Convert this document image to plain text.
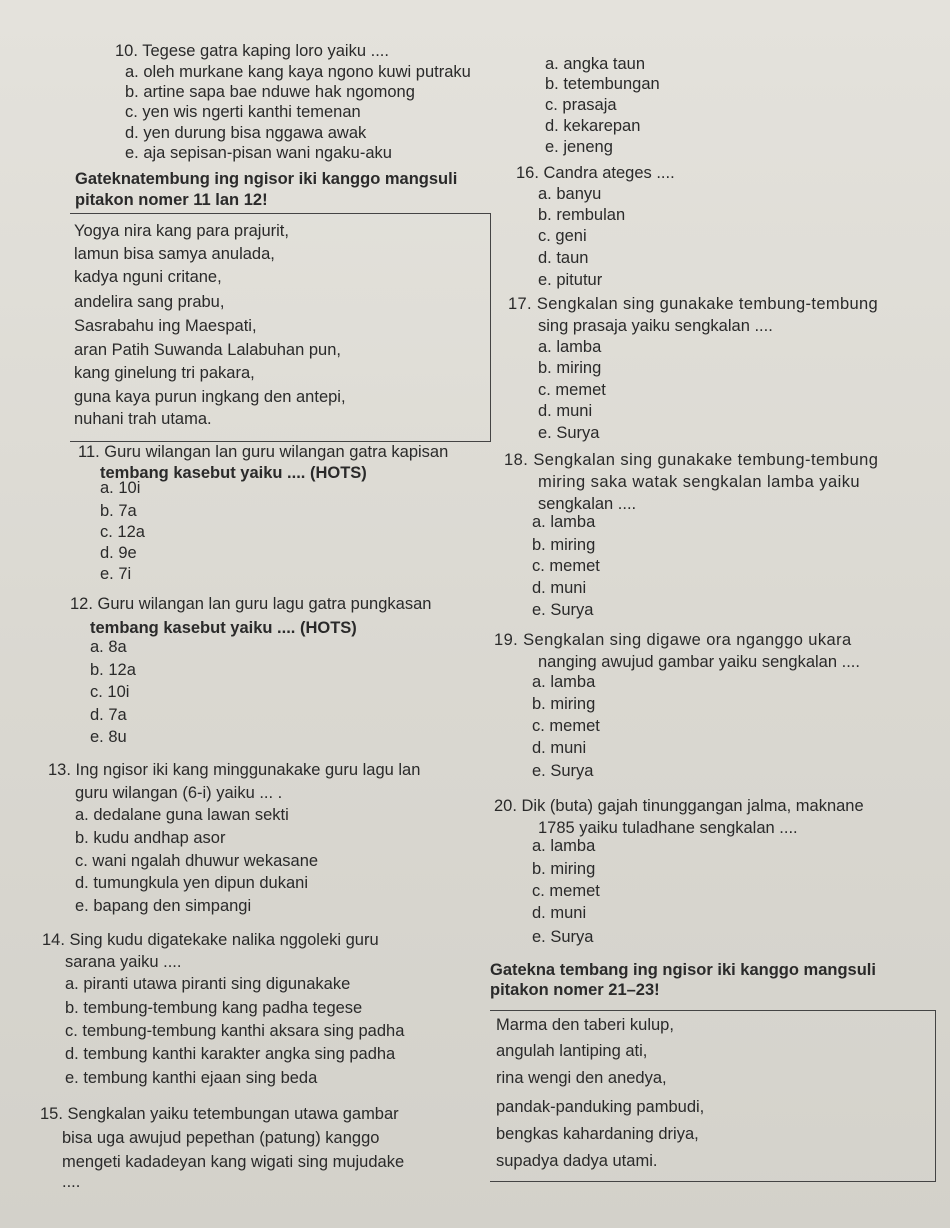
10. Tegese gatra kaping loro yaiku ....
a. oleh murkane kang kaya ngono kuwi putraku
b. artine sapa bae nduwe hak ngomong
c. yen wis ngerti kanthi temenan
d. yen durung bisa nggawa awak
e. aja sepisan-pisan wani ngaku-aku
Gateknatembung ing ngisor iki kanggo mangsuli
pitakon nomer 11 lan 12!
Yogya nira kang para prajurit,
lamun bisa samya anulada,
kadya nguni critane,
andelira sang prabu,
Sasrabahu ing Maespati,
aran Patih Suwanda Lalabuhan pun,
kang ginelung tri pakara,
guna kaya purun ingkang den antepi,
nuhani trah utama.
11. Guru wilangan lan guru wilangan gatra kapisan
tembang kasebut yaiku .... (HOTS)
a. 10i
b. 7a
c. 12a
d. 9e
e. 7i
12. Guru wilangan lan guru lagu gatra pungkasan
tembang kasebut yaiku .... (HOTS)
a. 8a
b. 12a
c. 10i
d. 7a
e. 8u
13. Ing ngisor iki kang minggunakake guru lagu lan
guru wilangan (6-i) yaiku ... .
a. dedalane guna lawan sekti
b. kudu andhap asor
c. wani ngalah dhuwur wekasane
d. tumungkula yen dipun dukani
e. bapang den simpangi
14. Sing kudu digatekake nalika nggoleki guru
sarana yaiku ....
a. piranti utawa piranti sing digunakake
b. tembung-tembung kang padha tegese
c. tembung-tembung kanthi aksara sing padha
d. tembung kanthi karakter angka sing padha
e. tembung kanthi ejaan sing beda
15. Sengkalan yaiku tetembungan utawa gambar
bisa uga awujud pepethan (patung) kanggo
mengeti kadadeyan kang wigati sing mujudake
....
a. angka taun
b. tetembungan
c. prasaja
d. kekarepan
e. jeneng
16. Candra ateges ....
a. banyu
b. rembulan
c. geni
d. taun
e. pitutur
17. Sengkalan sing gunakake tembung-tembung
sing prasaja yaiku sengkalan ....
a. lamba
b. miring
c. memet
d. muni
e. Surya
18. Sengkalan sing gunakake tembung-tembung
miring saka watak sengkalan lamba yaiku
sengkalan ....
a. lamba
b. miring
c. memet
d. muni
e. Surya
19. Sengkalan sing digawe ora nganggo ukara
nanging awujud gambar yaiku sengkalan ....
a. lamba
b. miring
c. memet
d. muni
e. Surya
20. Dik (buta) gajah tinunggangan jalma, maknane
1785 yaiku tuladhane sengkalan ....
a. lamba
b. miring
c. memet
d. muni
e. Surya
Gatekna tembang ing ngisor iki kanggo mangsuli
pitakon nomer 21–23!
Marma den taberi kulup,
angulah lantiping ati,
rina wengi den anedya,
pandak-panduking pambudi,
bengkas kahardaning driya,
supadya dadya utami.
